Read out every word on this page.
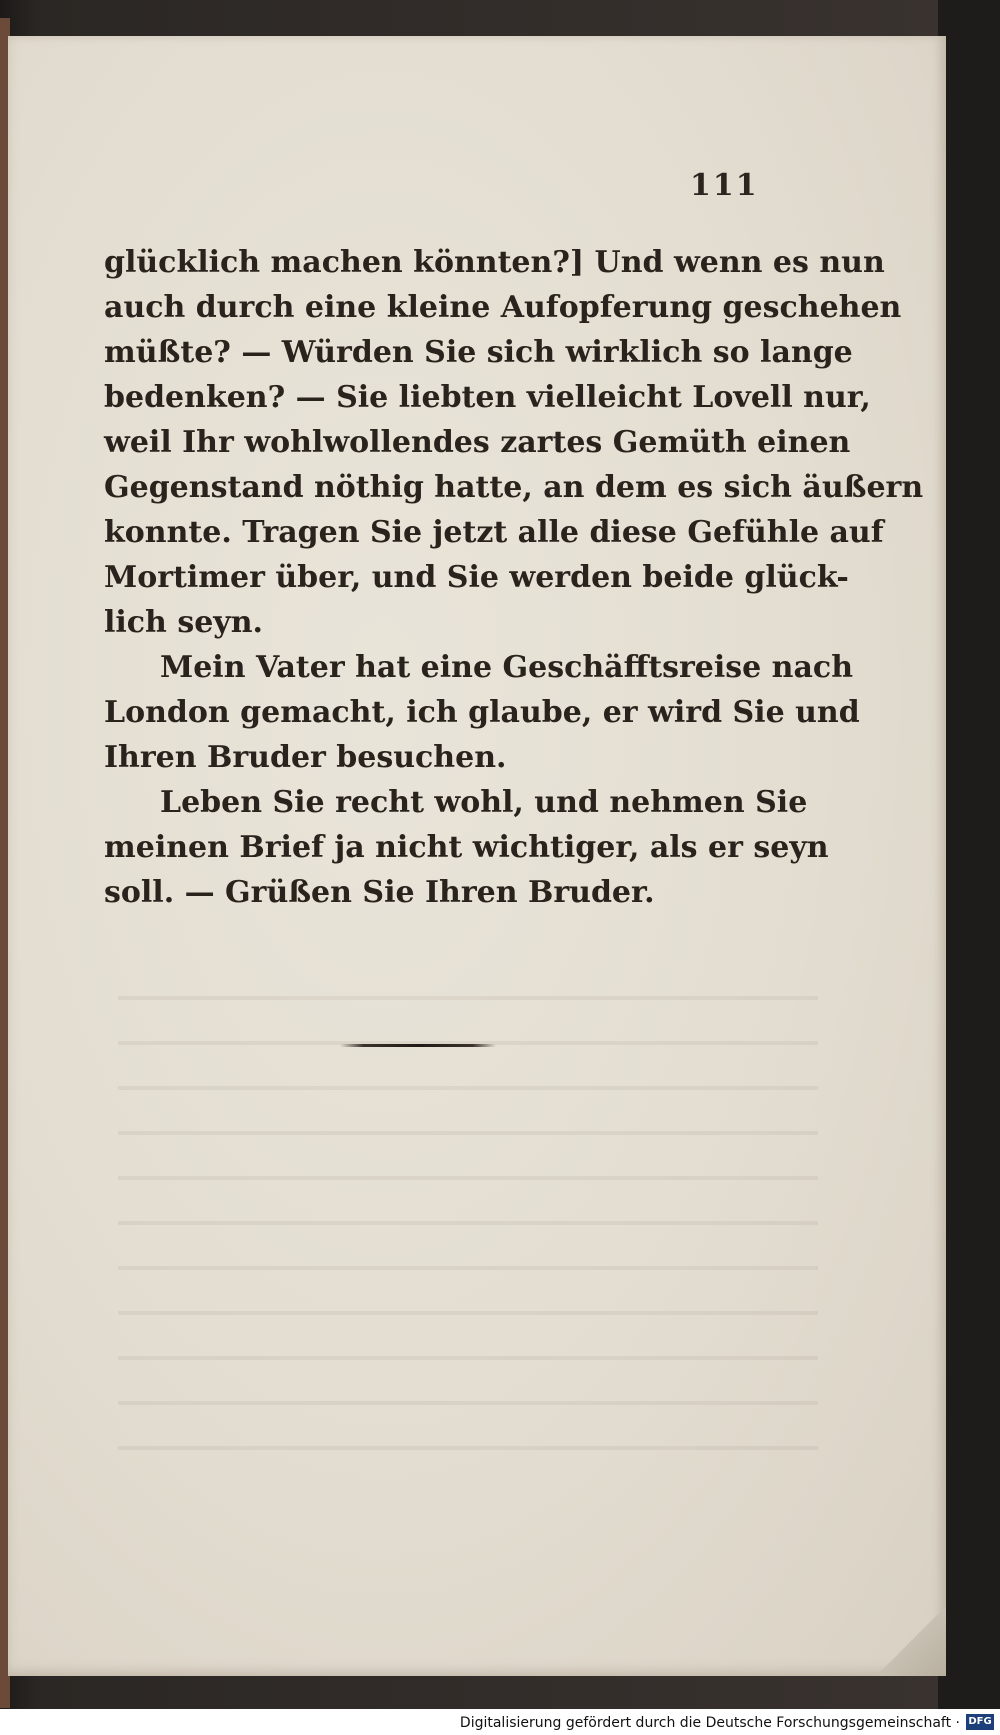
111
glücklich machen könnten?] Und wenn es nun
auch durch eine kleine Aufopferung geschehen
müßte? — Würden Sie sich wirklich so lange
bedenken? — Sie liebten vielleicht Lovell nur,
weil Ihr wohlwollendes zartes Gemüth einen
Gegenstand nöthig hatte, an dem es sich äußern
konnte. Tragen Sie jetzt alle diese Gefühle auf
Mortimer über, und Sie werden beide glück-
lich seyn.
Mein Vater hat eine Geschäfftsreise nach
London gemacht, ich glaube, er wird Sie und
Ihren Bruder besuchen.
Leben Sie recht wohl, und nehmen Sie
meinen Brief ja nicht wichtiger, als er seyn
soll. — Grüßen Sie Ihren Bruder.
Digitalisierung gefördert durch die Deutsche Forschungsgemeinschaft · DFG
